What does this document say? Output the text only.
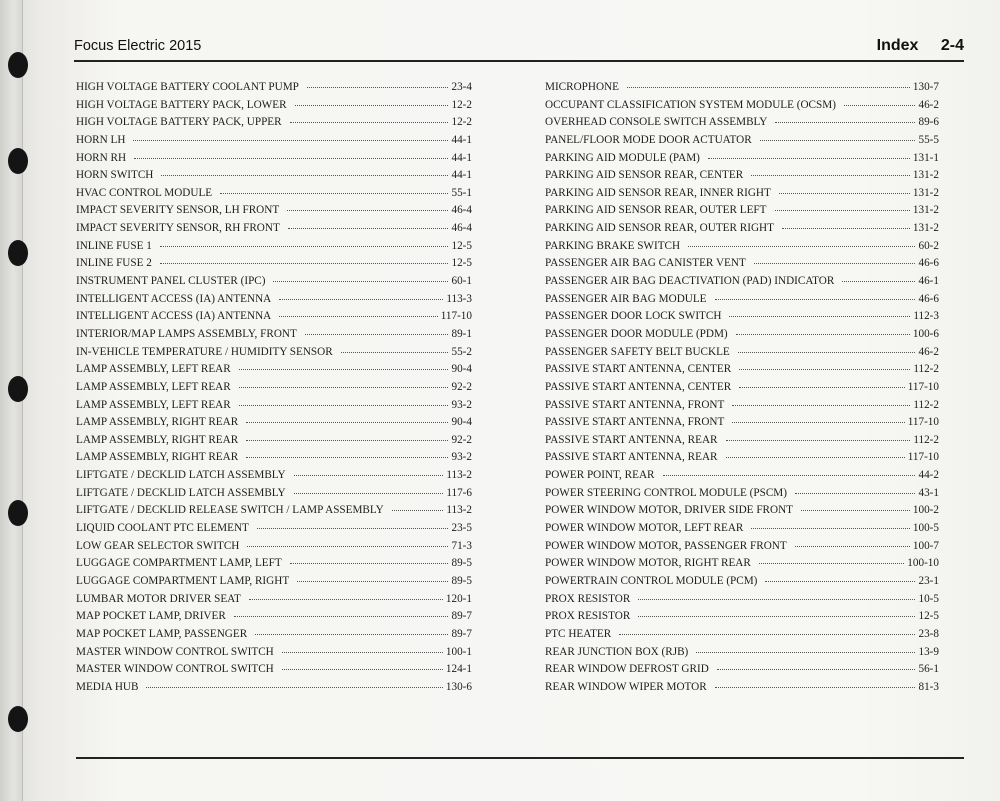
Focus Electric 2015	Index 2-4
HIGH VOLTAGE BATTERY COOLANT PUMP	23-4
HIGH VOLTAGE BATTERY PACK, LOWER	12-2
HIGH VOLTAGE BATTERY PACK, UPPER	12-2
HORN LH	44-1
HORN RH	44-1
HORN SWITCH	44-1
HVAC CONTROL MODULE	55-1
IMPACT SEVERITY SENSOR, LH FRONT	46-4
IMPACT SEVERITY SENSOR, RH FRONT	46-4
INLINE FUSE 1	12-5
INLINE FUSE 2	12-5
INSTRUMENT PANEL CLUSTER (IPC)	60-1
INTELLIGENT ACCESS (IA) ANTENNA	113-3
INTELLIGENT ACCESS (IA) ANTENNA	117-10
INTERIOR/MAP LAMPS ASSEMBLY, FRONT	89-1
IN-VEHICLE TEMPERATURE / HUMIDITY SENSOR	55-2
LAMP ASSEMBLY, LEFT REAR	90-4
LAMP ASSEMBLY, LEFT REAR	92-2
LAMP ASSEMBLY, LEFT REAR	93-2
LAMP ASSEMBLY, RIGHT REAR	90-4
LAMP ASSEMBLY, RIGHT REAR	92-2
LAMP ASSEMBLY, RIGHT REAR	93-2
LIFTGATE / DECKLID LATCH ASSEMBLY	113-2
LIFTGATE / DECKLID LATCH ASSEMBLY	117-6
LIFTGATE / DECKLID RELEASE SWITCH / LAMP ASSEMBLY	113-2
LIQUID COOLANT PTC ELEMENT	23-5
LOW GEAR SELECTOR SWITCH	71-3
LUGGAGE COMPARTMENT LAMP, LEFT	89-5
LUGGAGE COMPARTMENT LAMP, RIGHT	89-5
LUMBAR MOTOR DRIVER SEAT	120-1
MAP POCKET LAMP, DRIVER	89-7
MAP POCKET LAMP, PASSENGER	89-7
MASTER WINDOW CONTROL SWITCH	100-1
MASTER WINDOW CONTROL SWITCH	124-1
MEDIA HUB	130-6
MICROPHONE	130-7
OCCUPANT CLASSIFICATION SYSTEM MODULE (OCSM)	46-2
OVERHEAD CONSOLE SWITCH ASSEMBLY	89-6
PANEL/FLOOR MODE DOOR ACTUATOR	55-5
PARKING AID MODULE (PAM)	131-1
PARKING AID SENSOR REAR, CENTER	131-2
PARKING AID SENSOR REAR, INNER RIGHT	131-2
PARKING AID SENSOR REAR, OUTER LEFT	131-2
PARKING AID SENSOR REAR, OUTER RIGHT	131-2
PARKING BRAKE SWITCH	60-2
PASSENGER AIR BAG CANISTER VENT	46-6
PASSENGER AIR BAG DEACTIVATION (PAD) INDICATOR	46-1
PASSENGER AIR BAG MODULE	46-6
PASSENGER DOOR LOCK SWITCH	112-3
PASSENGER DOOR MODULE (PDM)	100-6
PASSENGER SAFETY BELT BUCKLE	46-2
PASSIVE START ANTENNA, CENTER	112-2
PASSIVE START ANTENNA, CENTER	117-10
PASSIVE START ANTENNA, FRONT	112-2
PASSIVE START ANTENNA, FRONT	117-10
PASSIVE START ANTENNA, REAR	112-2
PASSIVE START ANTENNA, REAR	117-10
POWER POINT, REAR	44-2
POWER STEERING CONTROL MODULE (PSCM)	43-1
POWER WINDOW MOTOR, DRIVER SIDE FRONT	100-2
POWER WINDOW MOTOR, LEFT REAR	100-5
POWER WINDOW MOTOR, PASSENGER FRONT	100-7
POWER WINDOW MOTOR, RIGHT REAR	100-10
POWERTRAIN CONTROL MODULE (PCM)	23-1
PROX RESISTOR	10-5
PROX RESISTOR	12-5
PTC HEATER	23-8
REAR JUNCTION BOX (RJB)	13-9
REAR WINDOW DEFROST GRID	56-1
REAR WINDOW WIPER MOTOR	81-3
